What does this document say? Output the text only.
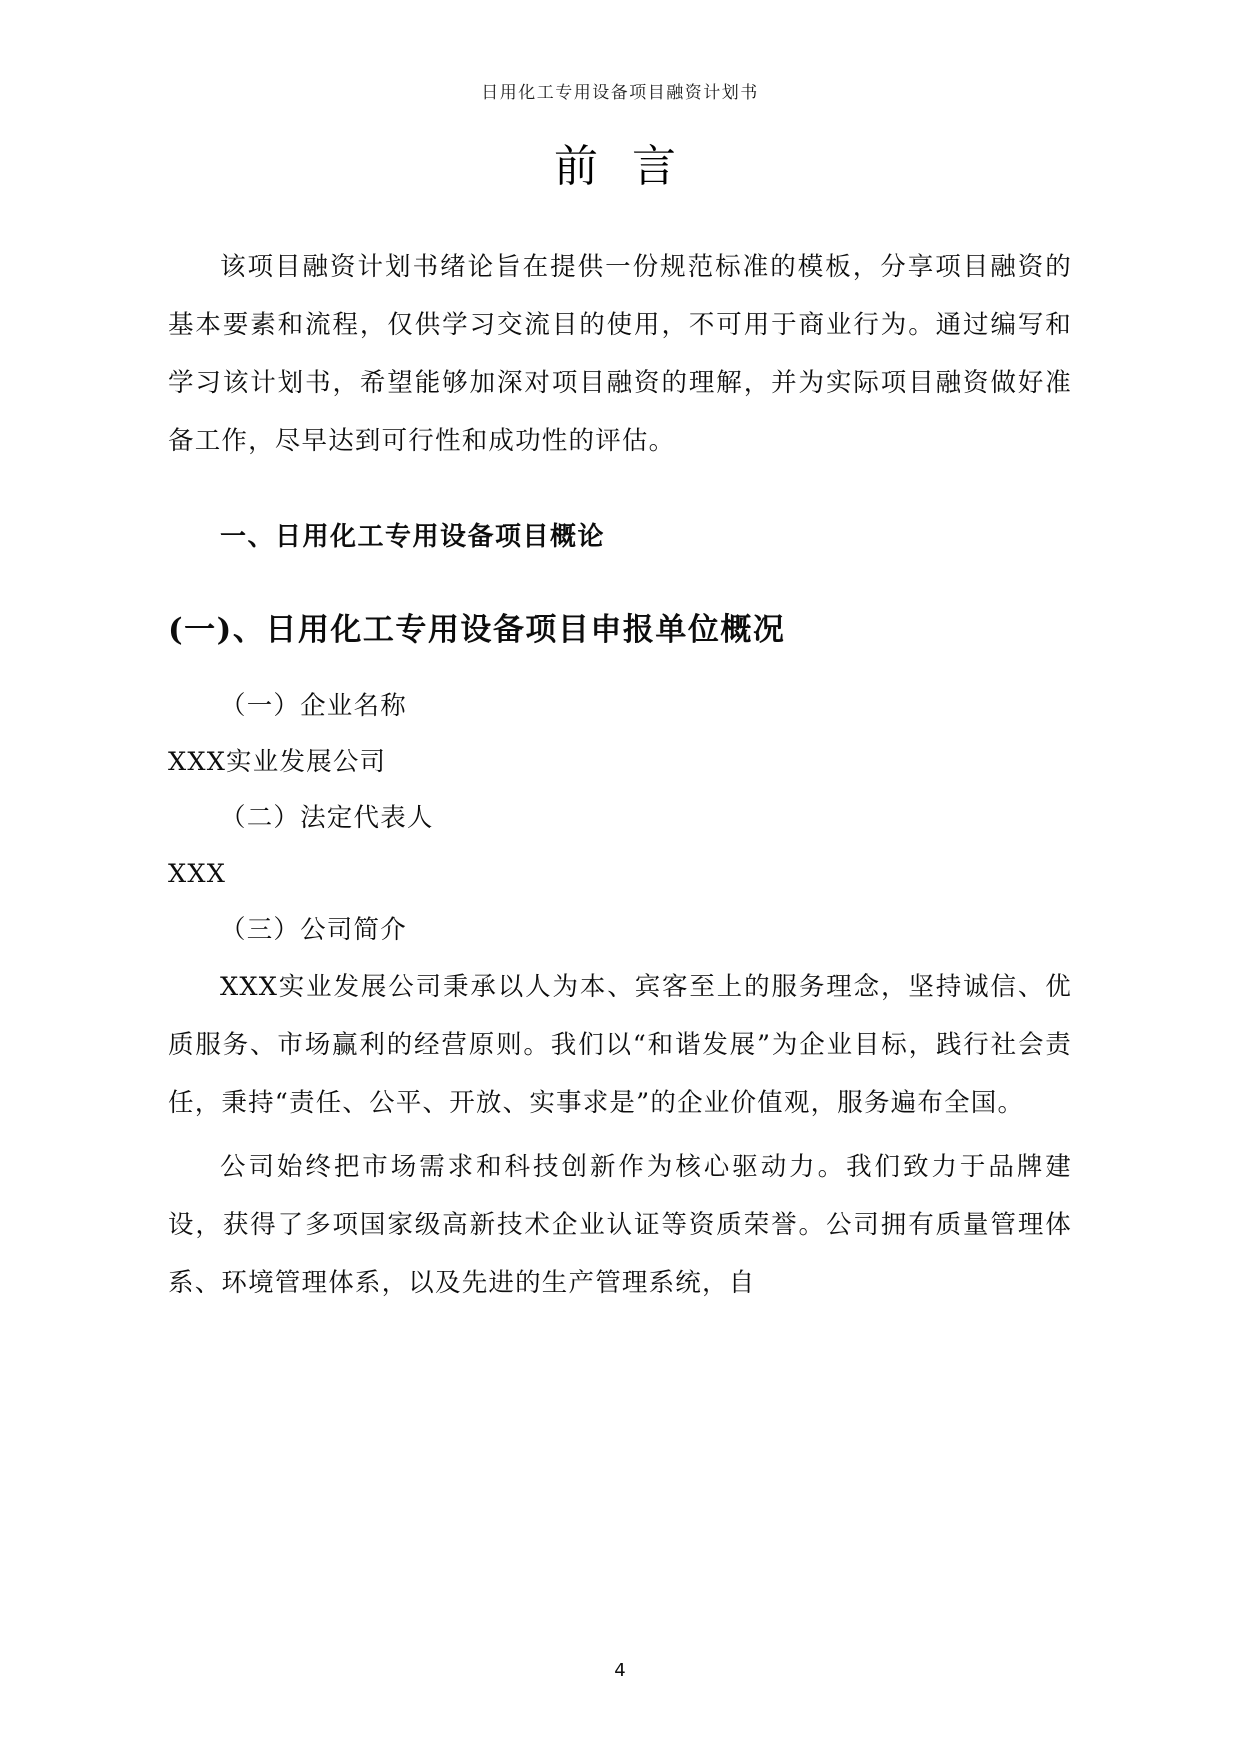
日用化工专用设备项目融资计划书
前 言

该项目融资计划书绪论旨在提供一份规范标准的模板，分享项目融资的基本要素和流程，仅供学习交流目的使用，不可用于商业行为。通过编写和学习该计划书，希望能够加深对项目融资的理解，并为实际项目融资做好准备工作，尽早达到可行性和成功性的评估。

一、日用化工专用设备项目概论
(一)、日用化工专用设备项目申报单位概况

（一）企业名称

XXX实业发展公司

（二）法定代表人

XXX

（三）公司简介

XXX实业发展公司秉承以人为本、宾客至上的服务理念，坚持诚信、优质服务、市场赢利的经营原则。我们以“和谐发展”为企业目标，践行社会责任，秉持“责任、公平、开放、实事求是”的企业价值观，服务遍布全国。

公司始终把市场需求和科技创新作为核心驱动力。我们致力于品牌建设，获得了多项国家级高新技术企业认证等资质荣誉。公司拥有质量管理体系、环境管理体系，以及先进的生产管理系统，自

4
